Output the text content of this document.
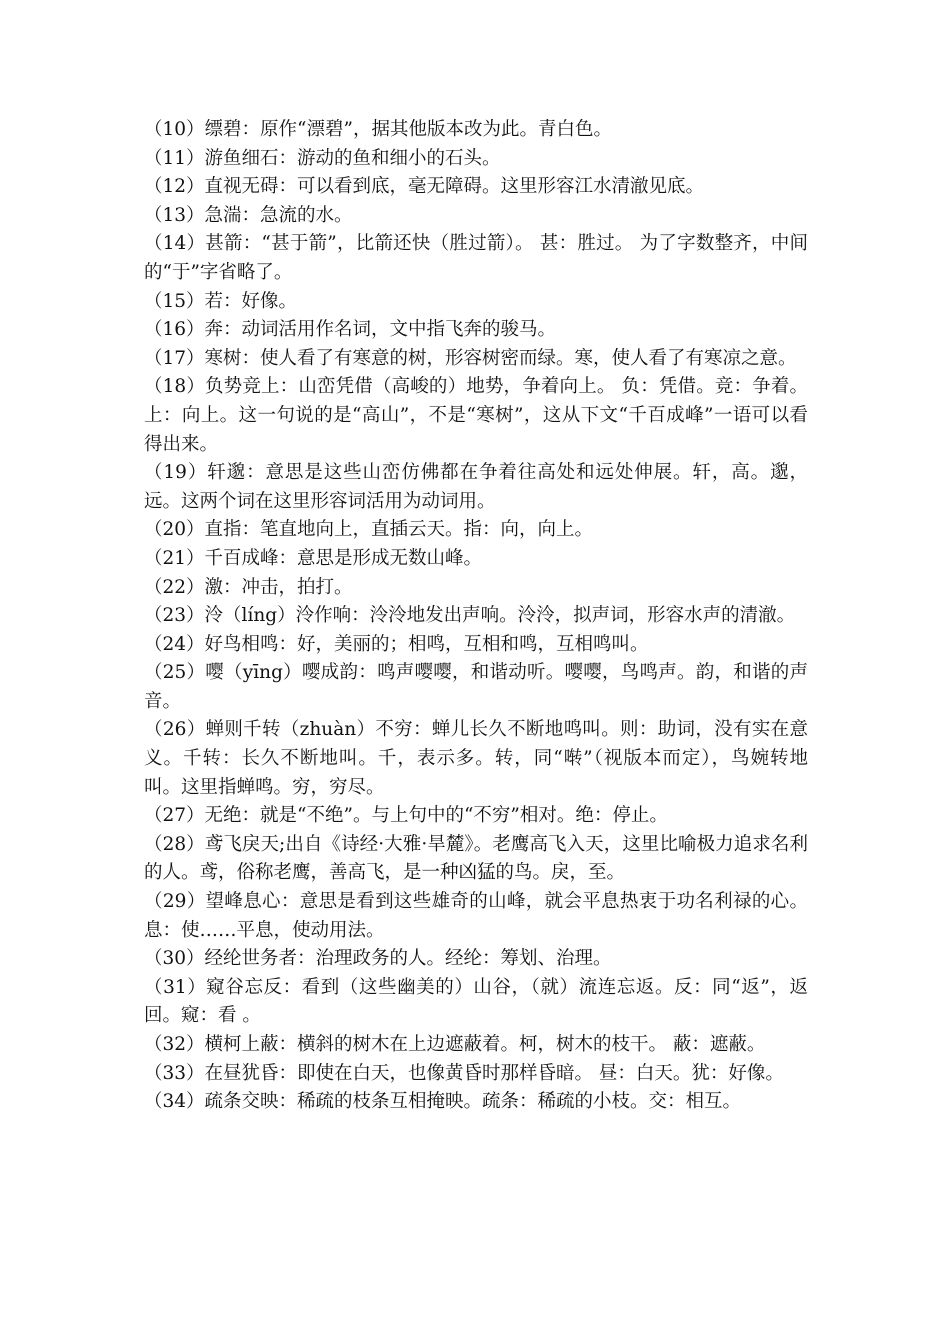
（10）缥碧：原作“漂碧”，据其他版本改为此。青白色。

（11）游鱼细石：游动的鱼和细小的石头。

（12）直视无碍：可以看到底，毫无障碍。这里形容江水清澈见底。

（13）急湍：急流的水。

（14）甚箭：“甚于箭”，比箭还快（胜过箭）。 甚：胜过。 为了字数整齐，中间的“于”字省略了。

（15）若：好像。

（16）奔：动词活用作名词，文中指飞奔的骏马。

（17）寒树：使人看了有寒意的树，形容树密而绿。寒，使人看了有寒凉之意。

（18）负势竞上：山峦凭借（高峻的）地势，争着向上。 负：凭借。竞：争着。上：向上。这一句说的是“高山”，不是“寒树”，这从下文“千百成峰”一语可以看得出来。

（19）轩邈：意思是这些山峦仿佛都在争着往高处和远处伸展。轩，高。邈，远。这两个词在这里形容词活用为动词用。

（20）直指：笔直地向上，直插云天。指：向，向上。

（21）千百成峰：意思是形成无数山峰。

（22）激：冲击，拍打。

（23）泠（líng）泠作响：泠泠地发出声响。泠泠，拟声词，形容水声的清澈。

（24）好鸟相鸣：好，美丽的；相鸣，互相和鸣，互相鸣叫。

（25）嘤（yīng）嘤成韵：鸣声嘤嘤，和谐动听。嘤嘤，鸟鸣声。韵，和谐的声音。

（26）蝉则千转（zhuàn）不穷：蝉儿长久不断地鸣叫。则：助词，没有实在意义。千转：长久不断地叫。千，表示多。转，同“啭”（视版本而定），鸟婉转地叫。这里指蝉鸣。穷，穷尽。

（27）无绝：就是“不绝”。与上句中的“不穷”相对。绝：停止。

（28）鸢飞戾天;出自《诗经·大雅·旱麓》。老鹰高飞入天，这里比喻极力追求名利的人。鸢，俗称老鹰，善高飞，是一种凶猛的鸟。戾，至。

（29）望峰息心：意思是看到这些雄奇的山峰，就会平息热衷于功名利禄的心。 息：使……平息，使动用法。

（30）经纶世务者：治理政务的人。经纶：筹划、治理。

（31）窥谷忘反：看到（这些幽美的）山谷，（就）流连忘返。反：同“返”，返回。窥：看 。

（32）横柯上蔽：横斜的树木在上边遮蔽着。柯，树木的枝干。 蔽：遮蔽。

（33）在昼犹昏：即使在白天，也像黄昏时那样昏暗。 昼：白天。犹：好像。

（34）疏条交映：稀疏的枝条互相掩映。疏条：稀疏的小枝。交：相互。
